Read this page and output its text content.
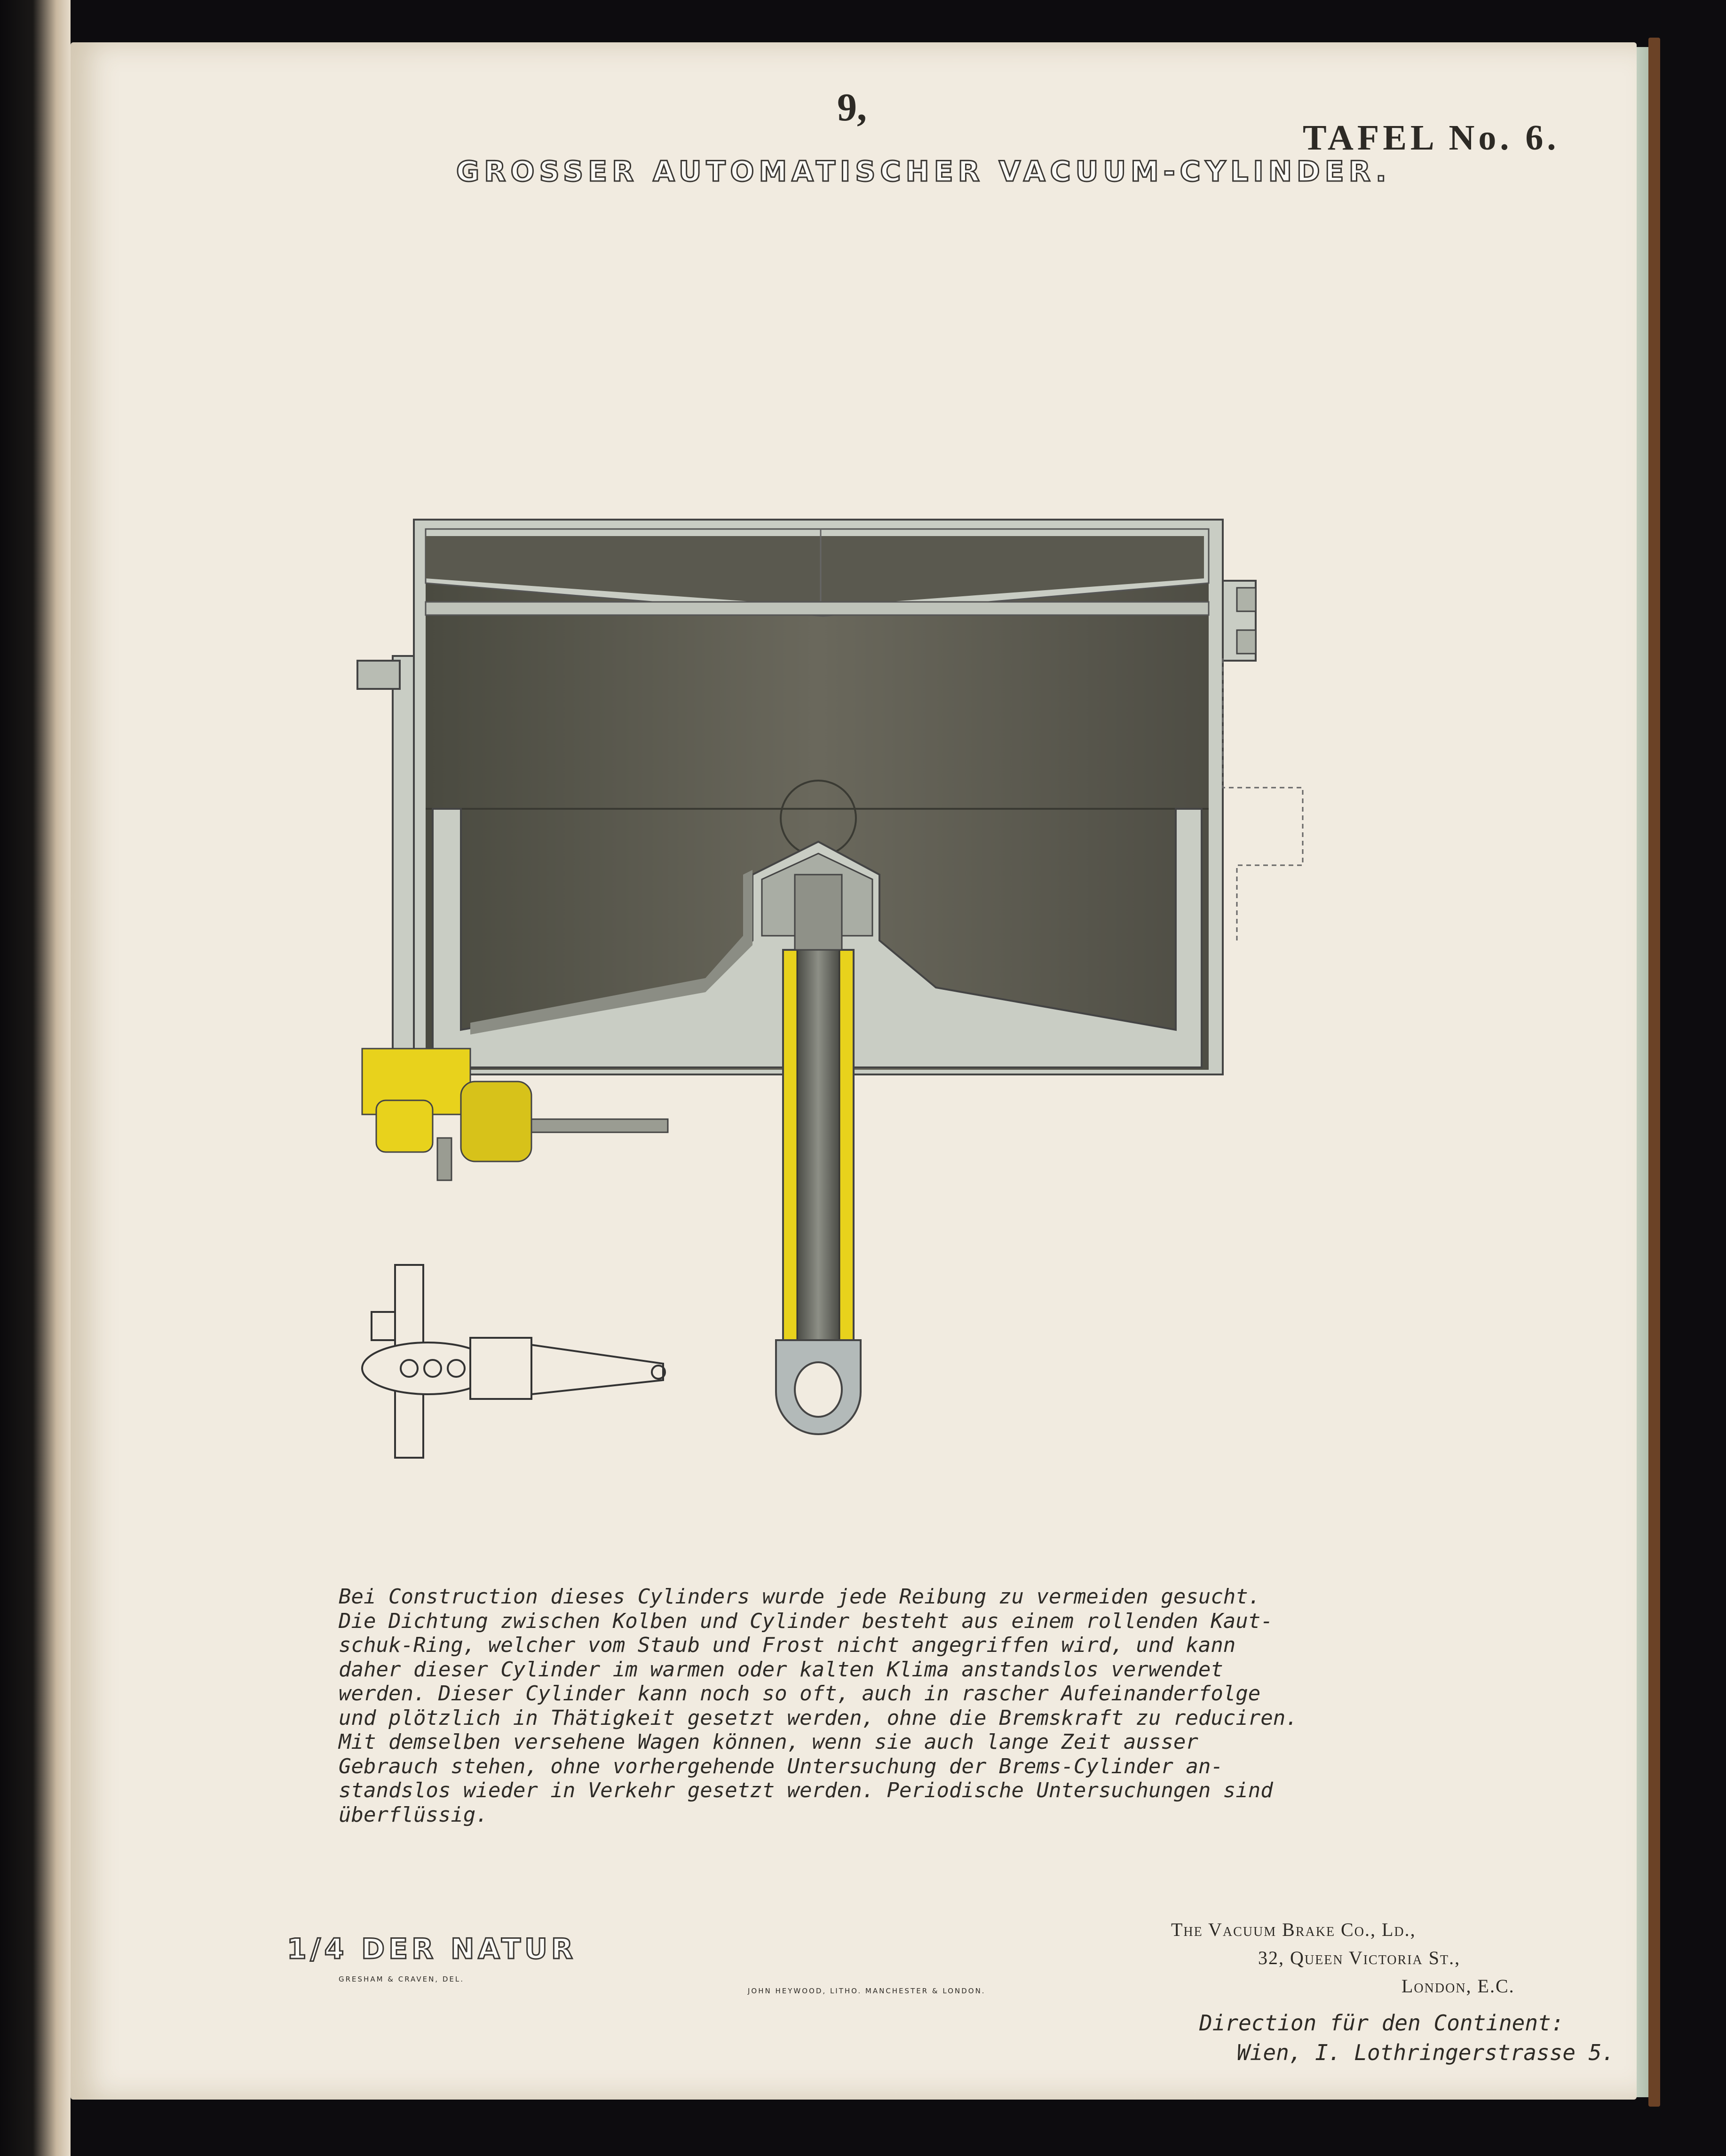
9,
GROSSER AUTOMATISCHER VACUUM-CYLINDER.
TAFEL No. 6.
Bei Construction dieses Cylinders wurde jede Reibung zu vermeiden gesucht.
Die Dichtung zwischen Kolben und Cylinder besteht aus einem rollenden Kaut-
schuk-Ring, welcher vom Staub und Frost nicht angegriffen wird, und kann
daher dieser Cylinder im warmen oder kalten Klima anstandslos verwendet
werden. Dieser Cylinder kann noch so oft, auch in rascher Aufeinanderfolge
und plötzlich in Thätigkeit gesetzt werden, ohne die Bremskraft zu reduciren.
Mit demselben versehene Wagen können, wenn sie auch lange Zeit ausser
Gebrauch stehen, ohne vorhergehende Untersuchung der Brems-Cylinder an-
standslos wieder in Verkehr gesetzt werden. Periodische Untersuchungen sind
überflüssig.
1/4 DER NATUR
GRESHAM & CRAVEN, DEL.
JOHN HEYWOOD, LITHO. MANCHESTER & LONDON.
The Vacuum Brake Co., Ld.,
32, Queen Victoria St.,
London, E.C.
Direction für den Continent:
Wien, I. Lothringerstrasse 5.
